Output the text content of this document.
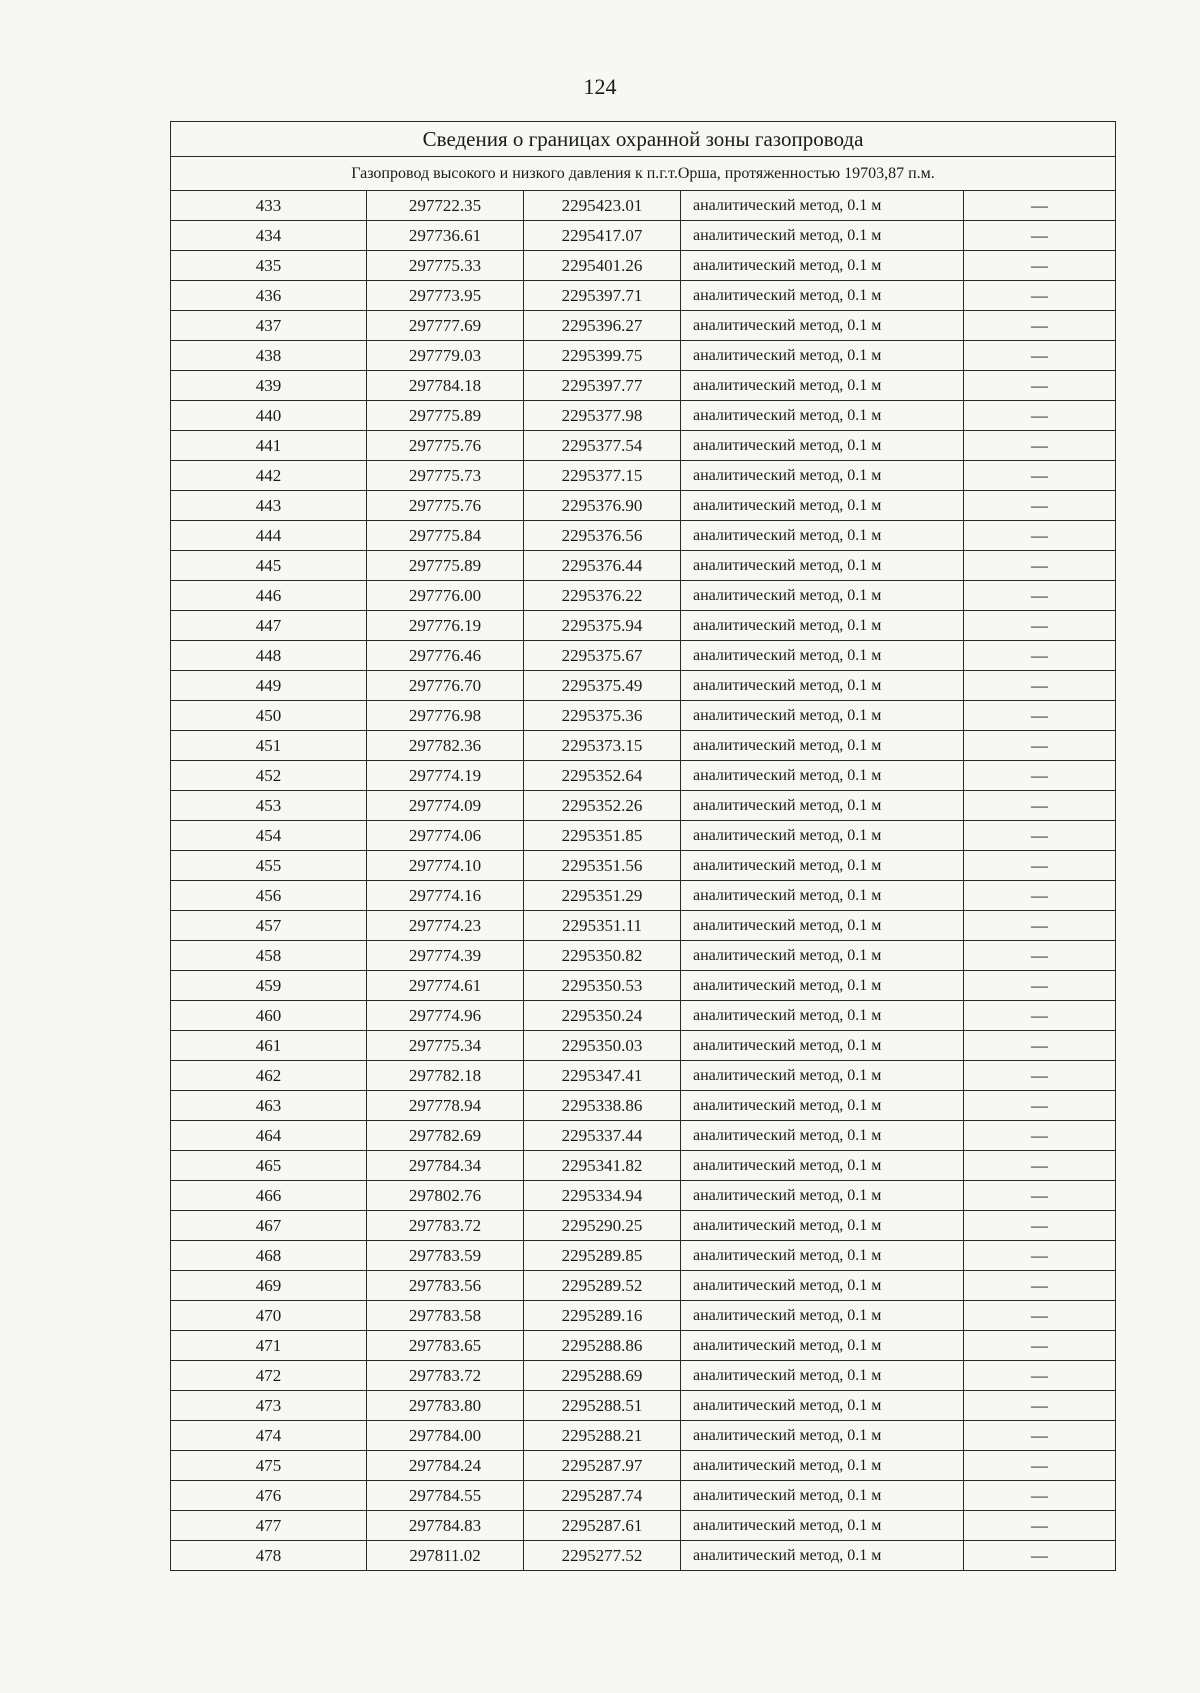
124
Сведения о границах охранной зоны газопровода				
Газопровод высокого и низкого давления к п.г.т.Орша, протяженностью 19703,87 п.м.				
433	297722.35	2295423.01	аналитический метод, 0.1 м	—
434	297736.61	2295417.07	аналитический метод, 0.1 м	—
435	297775.33	2295401.26	аналитический метод, 0.1 м	—
436	297773.95	2295397.71	аналитический метод, 0.1 м	—
437	297777.69	2295396.27	аналитический метод, 0.1 м	—
438	297779.03	2295399.75	аналитический метод, 0.1 м	—
439	297784.18	2295397.77	аналитический метод, 0.1 м	—
440	297775.89	2295377.98	аналитический метод, 0.1 м	—
441	297775.76	2295377.54	аналитический метод, 0.1 м	—
442	297775.73	2295377.15	аналитический метод, 0.1 м	—
443	297775.76	2295376.90	аналитический метод, 0.1 м	—
444	297775.84	2295376.56	аналитический метод, 0.1 м	—
445	297775.89	2295376.44	аналитический метод, 0.1 м	—
446	297776.00	2295376.22	аналитический метод, 0.1 м	—
447	297776.19	2295375.94	аналитический метод, 0.1 м	—
448	297776.46	2295375.67	аналитический метод, 0.1 м	—
449	297776.70	2295375.49	аналитический метод, 0.1 м	—
450	297776.98	2295375.36	аналитический метод, 0.1 м	—
451	297782.36	2295373.15	аналитический метод, 0.1 м	—
452	297774.19	2295352.64	аналитический метод, 0.1 м	—
453	297774.09	2295352.26	аналитический метод, 0.1 м	—
454	297774.06	2295351.85	аналитический метод, 0.1 м	—
455	297774.10	2295351.56	аналитический метод, 0.1 м	—
456	297774.16	2295351.29	аналитический метод, 0.1 м	—
457	297774.23	2295351.11	аналитический метод, 0.1 м	—
458	297774.39	2295350.82	аналитический метод, 0.1 м	—
459	297774.61	2295350.53	аналитический метод, 0.1 м	—
460	297774.96	2295350.24	аналитический метод, 0.1 м	—
461	297775.34	2295350.03	аналитический метод, 0.1 м	—
462	297782.18	2295347.41	аналитический метод, 0.1 м	—
463	297778.94	2295338.86	аналитический метод, 0.1 м	—
464	297782.69	2295337.44	аналитический метод, 0.1 м	—
465	297784.34	2295341.82	аналитический метод, 0.1 м	—
466	297802.76	2295334.94	аналитический метод, 0.1 м	—
467	297783.72	2295290.25	аналитический метод, 0.1 м	—
468	297783.59	2295289.85	аналитический метод, 0.1 м	—
469	297783.56	2295289.52	аналитический метод, 0.1 м	—
470	297783.58	2295289.16	аналитический метод, 0.1 м	—
471	297783.65	2295288.86	аналитический метод, 0.1 м	—
472	297783.72	2295288.69	аналитический метод, 0.1 м	—
473	297783.80	2295288.51	аналитический метод, 0.1 м	—
474	297784.00	2295288.21	аналитический метод, 0.1 м	—
475	297784.24	2295287.97	аналитический метод, 0.1 м	—
476	297784.55	2295287.74	аналитический метод, 0.1 м	—
477	297784.83	2295287.61	аналитический метод, 0.1 м	—
478	297811.02	2295277.52	аналитический метод, 0.1 м	—
